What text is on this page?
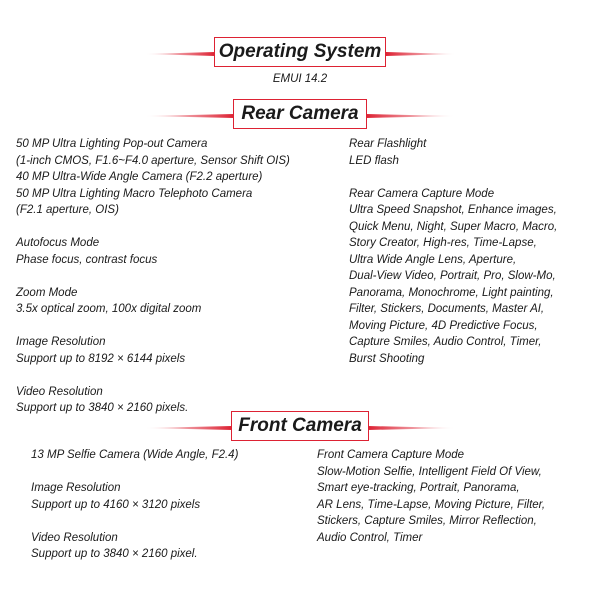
Operating System
EMUI 14.2
Rear Camera
50 MP Ultra Lighting Pop-out Camera
(1-inch CMOS, F1.6~F4.0 aperture, Sensor Shift OIS)
40 MP Ultra-Wide Angle Camera (F2.2 aperture)
50 MP Ultra Lighting Macro Telephoto Camera
(F2.1 aperture, OIS)
Autofocus Mode
Phase focus, contrast focus
Zoom Mode
3.5x optical zoom, 100x digital zoom
Image Resolution
Support up to 8192 × 6144 pixels
Video Resolution
Support up to 3840 × 2160 pixels.
Rear Flashlight
LED flash
Rear Camera Capture Mode
Ultra Speed Snapshot, Enhance images,
Quick Menu, Night, Super Macro, Macro,
Story Creator, High-res, Time-Lapse,
Ultra Wide Angle Lens, Aperture,
Dual-View Video, Portrait, Pro, Slow-Mo,
Panorama, Monochrome, Light painting,
Filter, Stickers, Documents, Master AI,
Moving Picture, 4D Predictive Focus,
Capture Smiles, Audio Control, Timer,
Burst Shooting
Front Camera
13 MP Selfie Camera (Wide Angle, F2.4)
Image Resolution
Support up to 4160 × 3120 pixels
Video Resolution
Support up to 3840 × 2160 pixel.
Front Camera Capture Mode
Slow-Motion Selfie, Intelligent Field Of View,
Smart eye-tracking, Portrait, Panorama,
AR Lens, Time-Lapse, Moving Picture, Filter,
Stickers, Capture Smiles, Mirror Reflection,
Audio Control, Timer
